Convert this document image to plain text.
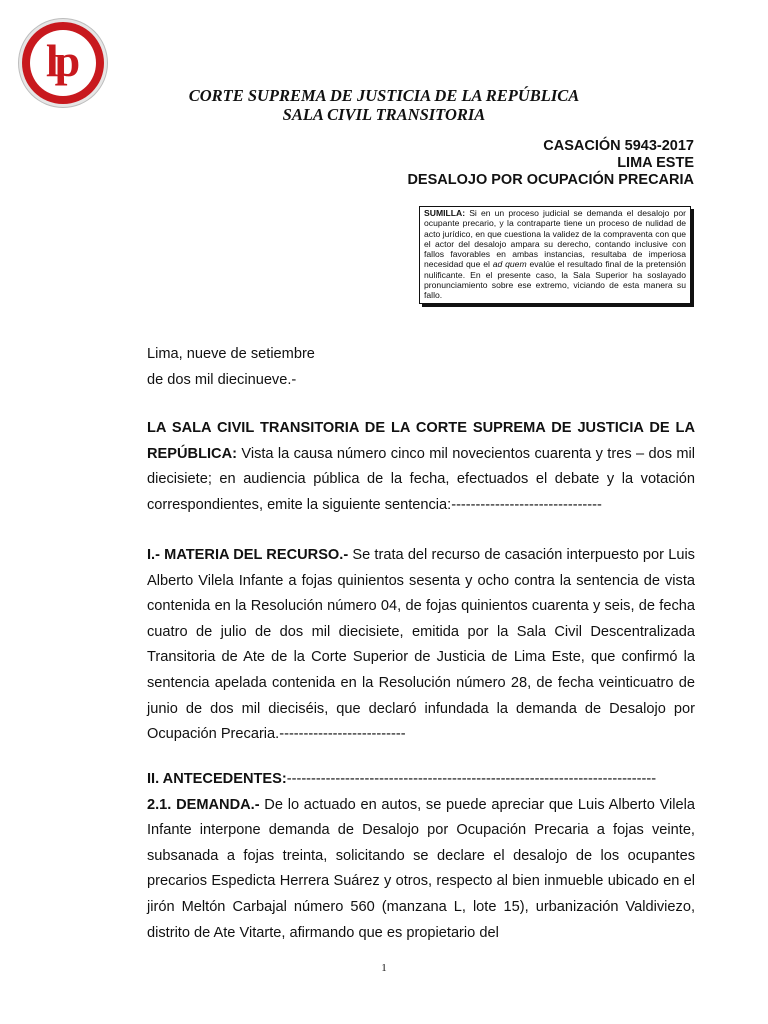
lp
CORTE SUPREMA DE JUSTICIA DE LA REPÚBLICA
SALA CIVIL TRANSITORIA
CASACIÓN 5943-2017
LIMA ESTE
DESALOJO POR OCUPACIÓN PRECARIA
SUMILLA: Si en un proceso judicial se demanda el desalojo por ocupante precario, y la contraparte tiene un proceso de nulidad de acto jurídico, en que cuestiona la validez de la compraventa con que el actor del desalojo ampara su derecho, contando inclusive con fallos favorables en ambas instancias, resultaba de imperiosa necesidad que el ad quem evalúe el resultado final de la pretensión nulificante. En el presente caso, la Sala Superior ha soslayado pronunciamiento sobre ese extremo, viciando de esta manera su fallo.

Lima, nueve de setiembre

de dos mil diecinueve.-

LA SALA CIVIL TRANSITORIA DE LA CORTE SUPREMA DE JUSTICIA DE LA REPÚBLICA: Vista la causa número cinco mil novecientos cuarenta y tres – dos mil diecisiete; en audiencia pública de la fecha, efectuados el debate y la votación correspondientes, emite la siguiente sentencia:-------------------------------

I.- MATERIA DEL RECURSO.- Se trata del recurso de casación interpuesto por Luis Alberto Vilela Infante a fojas quinientos sesenta y ocho contra la sentencia de vista contenida en la Resolución número 04, de fojas quinientos cuarenta y seis, de fecha cuatro de julio de dos mil diecisiete, emitida por la Sala Civil Descentralizada Transitoria de Ate de la Corte Superior de Justicia de Lima Este, que confirmó la sentencia apelada contenida en la Resolución número 28, de fecha veinticuatro de junio de dos mil dieciséis, que declaró infundada la demanda de Desalojo por Ocupación Precaria.--------------------------

II. ANTECEDENTES:----------------------------------------------------------------------------

2.1. DEMANDA.- De lo actuado en autos, se puede apreciar que Luis Alberto Vilela Infante interpone demanda de Desalojo por Ocupación Precaria a fojas veinte, subsanada a fojas treinta, solicitando se declare el desalojo de los ocupantes precarios Espedicta Herrera Suárez y otros, respecto al bien inmueble ubicado en el jirón Meltón Carbajal número 560 (manzana L, lote 15), urbanización Valdiviezo, distrito de Ate Vitarte, afirmando que es propietario del

1
